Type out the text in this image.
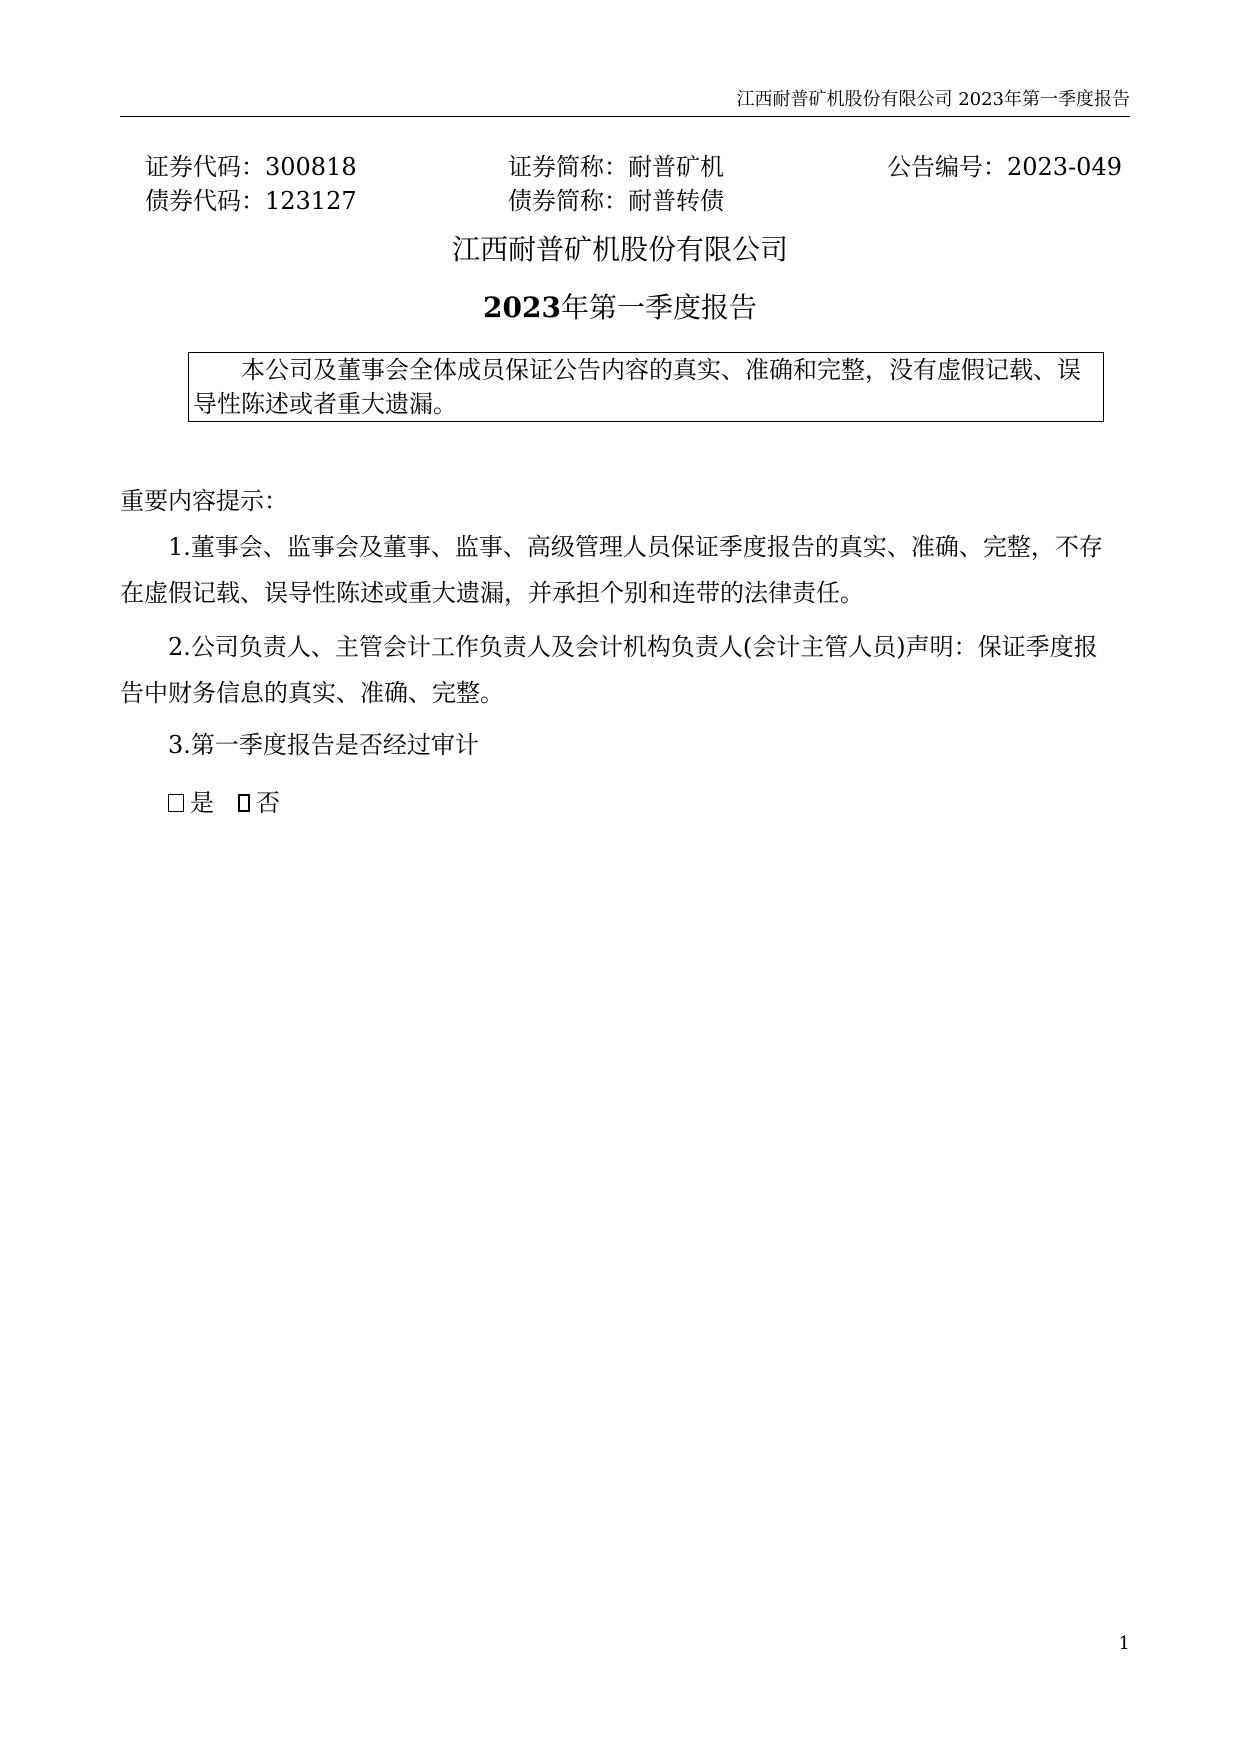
江西耐普矿机股份有限公司 2023年第一季度报告
证券代码：300818	证券简称：耐普矿机	公告编号：2023-049
债券代码：123127	债券简称：耐普转债
江西耐普矿机股份有限公司
2023年第一季度报告
本公司及董事会全体成员保证公告内容的真实、准确和完整，没有虚假记载、误导性陈述或者重大遗漏。

重要内容提示：

1.董事会、监事会及董事、监事、高级管理人员保证季度报告的真实、准确、完整，不存在虚假记载、误导性陈述或重大遗漏，并承担个别和连带的法律责任。

2.公司负责人、主管会计工作负责人及会计机构负责人(会计主管人员)声明：保证季度报告中财务信息的真实、准确、完整。

3.第一季度报告是否经过审计

是 否
1
